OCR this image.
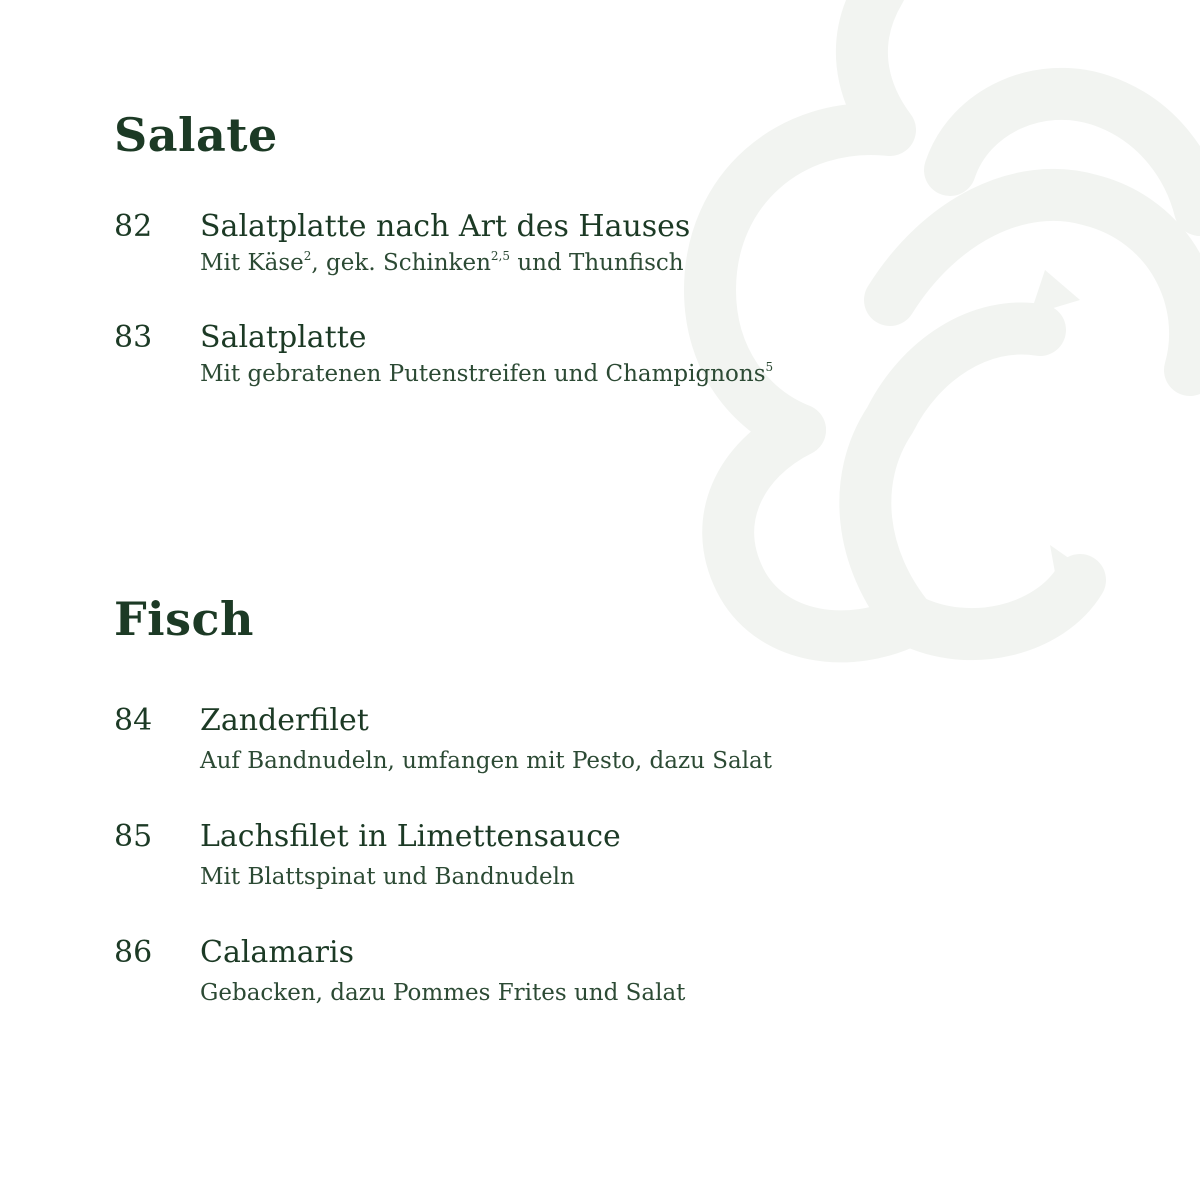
Salate
82 Salatplatte nach Art des Hauses
Mit Käse$^2$, gek. Schinken$^{2,5}$ und Thunfisch
83 Salatplatte
Mit gebratenen Putenstreifen und Champignons$^5$
Fisch
84 Zanderfilet
Auf Bandnudeln, umfangen mit Pesto, dazu Salat
85 Lachsfilet in Limettensauce
Mit Blattspinat und Bandnudeln
86 Calamaris
Gebacken, dazu Pommes Frites und Salat
